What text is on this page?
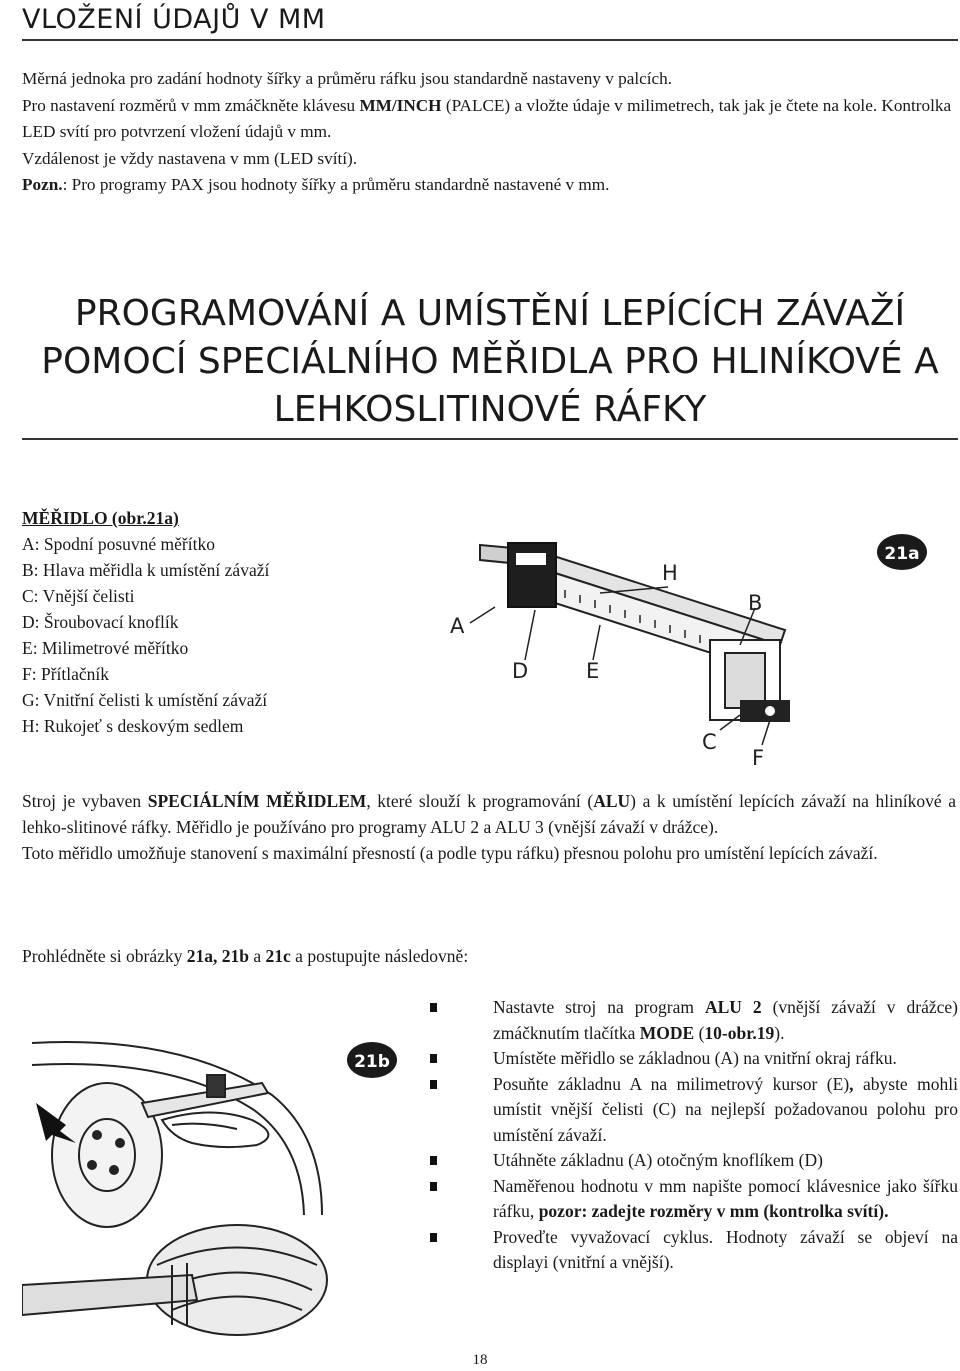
VLOŽENÍ ÚDAJŮ V MM

Měrná jednoka pro zadání hodnoty šířky a průměru ráfku jsou standardně nastaveny v palcích.

Pro nastavení rozměrů v mm zmáčkněte klávesu MM/INCH (PALCE) a vložte údaje v milimetrech, tak jak je čtete na kole. Kontrolka LED svítí pro potvrzení vložení údajů v mm.

Vzdálenost je vždy nastavena v mm (LED svítí).

Pozn.: Pro programy PAX jsou hodnoty šířky a průměru standardně nastavené v mm.

PROGRAMOVÁNÍ A UMÍSTĚNÍ LEPÍCÍCH ZÁVAŽÍ
POMOCÍ SPECIÁLNÍHO MĚŘIDLA PRO HLINÍKOVÉ A
LEHKOSLITINOVÉ RÁFKY
MĚŘIDLO (obr.21a)
A: Spodní posuvné měřítko
B: Hlava měřidla k umístění závaží
C: Vnější čelisti
D: Šroubovací knoflík
E: Milimetrové měřítko
F: Přítlačník
G: Vnitřní čelisti k umístění závaží
H: Rukojeť s deskovým sedlem
A
H
B
D	E
C
F
21a

Stroj je vybaven SPECIÁLNÍM MĚŘIDLEM, které slouží k programování (ALU) a k umístění lepících závaží na hliníkové a lehko-slitinové ráfky. Měřidlo je používáno pro programy ALU 2 a ALU 3 (vnější závaží v drážce).

Toto měřidlo umožňuje stanovení s maximální přesností (a podle typu ráfku) přesnou polohu pro umístění lepících závaží.

Prohlédněte si obrázky 21a, 21b a 21c a postupujte následovně:
21b
Nastavte stroj na program ALU 2 (vnější závaží v drážce) zmáčknutím tlačítka MODE (10-obr.19).
Umístěte měřidlo se základnou (A) na vnitřní okraj ráfku.
Posuňte základnu A na milimetrový kursor (E), abyste mohli umístit vnější čelisti (C) na nejlepší požadovanou polohu pro umístění závaží.
Utáhněte základnu (A) otočným knoflíkem (D)
Naměřenou hodnotu v mm napište pomocí klávesnice jako šířku ráfku, pozor: zadejte rozměry v mm (kontrolka svítí).
Proveďte vyvažovací cyklus. Hodnoty závaží se objeví na displayi (vnitřní a vnější).
18
